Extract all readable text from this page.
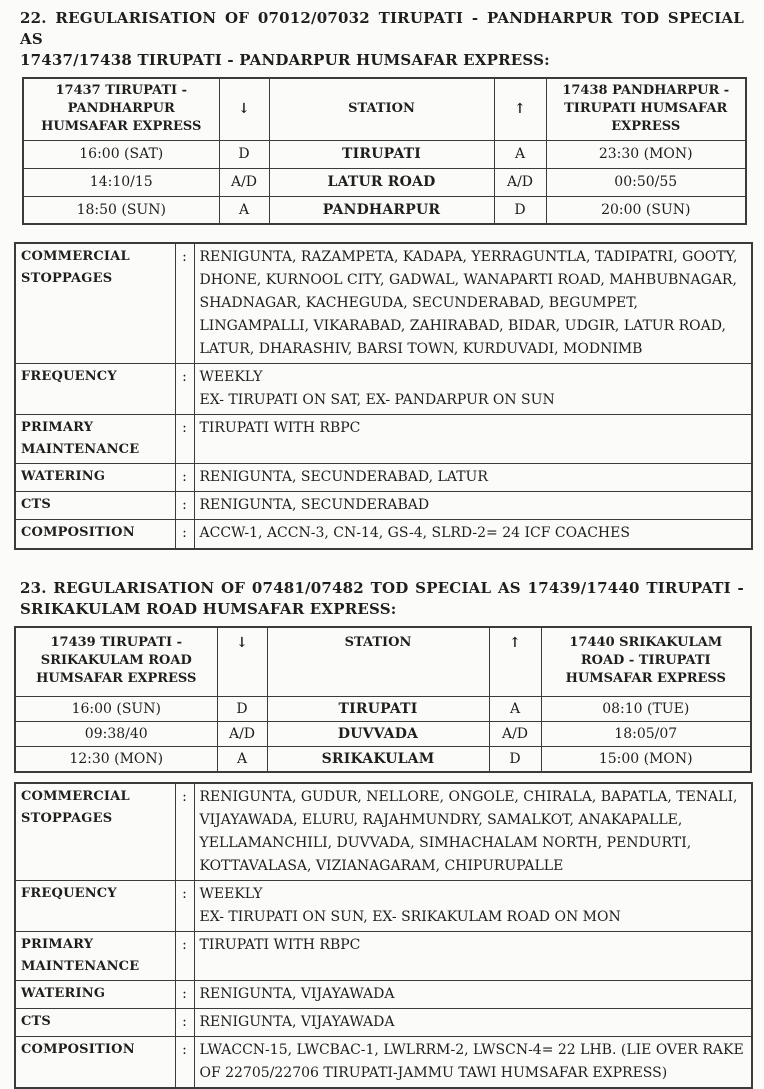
22. REGULARISATION OF 07012/07032 TIRUPATI - PANDHARPUR TOD SPECIAL AS
17437/17438 TIRUPATI - PANDARPUR HUMSAFAR EXPRESS:
17437 TIRUPATI - PANDHARPUR HUMSAFAR EXPRESS	↓	STATION	↑	17438 PANDHARPUR - TIRUPATI HUMSAFAR EXPRESS
16:00 (SAT)	D	TIRUPATI	A	23:30 (MON)
14:10/15	A/D	LATUR ROAD	A/D	00:50/55
18:50 (SUN)	A	PANDHARPUR	D	20:00 (SUN)
COMMERCIAL STOPPAGES	:	RENIGUNTA, RAZAMPETA, KADAPA, YERRAGUNTLA, TADIPATRI, GOOTY,
DHONE, KURNOOL CITY, GADWAL, WANAPARTI ROAD, MAHBUBNAGAR,
SHADNAGAR, KACHEGUDA, SECUNDERABAD, BEGUMPET,
LINGAMPALLI, VIKARABAD, ZAHIRABAD, BIDAR, UDGIR, LATUR ROAD,
LATUR, DHARASHIV, BARSI TOWN, KURDUVADI, MODNIMB

FREQUENCY	:	WEEKLY
EX- TIRUPATI ON SAT, EX- PANDARPUR ON SUN

PRIMARY MAINTENANCE	:	TIRUPATI WITH RBPC

WATERING	:	RENIGUNTA, SECUNDERABAD, LATUR

CTS	:	RENIGUNTA, SECUNDERABAD

COMPOSITION	:	ACCW-1, ACCN-3, CN-14, GS-4, SLRD-2= 24 ICF COACHES
23. REGULARISATION OF 07481/07482 TOD SPECIAL AS 17439/17440 TIRUPATI -
SRIKAKULAM ROAD HUMSAFAR EXPRESS:
17439 TIRUPATI - SRIKAKULAM ROAD HUMSAFAR EXPRESS	↓	STATION	↑	17440 SRIKAKULAM ROAD - TIRUPATI HUMSAFAR EXPRESS
16:00 (SUN)	D	TIRUPATI	A	08:10 (TUE)
09:38/40	A/D	DUVVADA	A/D	18:05/07
12:30 (MON)	A	SRIKAKULAM	D	15:00 (MON)
COMMERCIAL STOPPAGES	:	RENIGUNTA, GUDUR, NELLORE, ONGOLE, CHIRALA, BAPATLA, TENALI,
VIJAYAWADA, ELURU, RAJAHMUNDRY, SAMALKOT, ANAKAPALLE,
YELLAMANCHILI, DUVVADA, SIMHACHALAM NORTH, PENDURTI,
KOTTAVALASA, VIZIANAGARAM, CHIPURUPALLE

FREQUENCY	:	WEEKLY
EX- TIRUPATI ON SUN, EX- SRIKAKULAM ROAD ON MON

PRIMARY MAINTENANCE	:	TIRUPATI WITH RBPC

WATERING	:	RENIGUNTA, VIJAYAWADA

CTS	:	RENIGUNTA, VIJAYAWADA

COMPOSITION	:	LWACCN-15, LWCBAC-1, LWLRRM-2, LWSCN-4= 22 LHB. (LIE OVER RAKE
OF 22705/22706 TIRUPATI-JAMMU TAWI HUMSAFAR EXPRESS)
